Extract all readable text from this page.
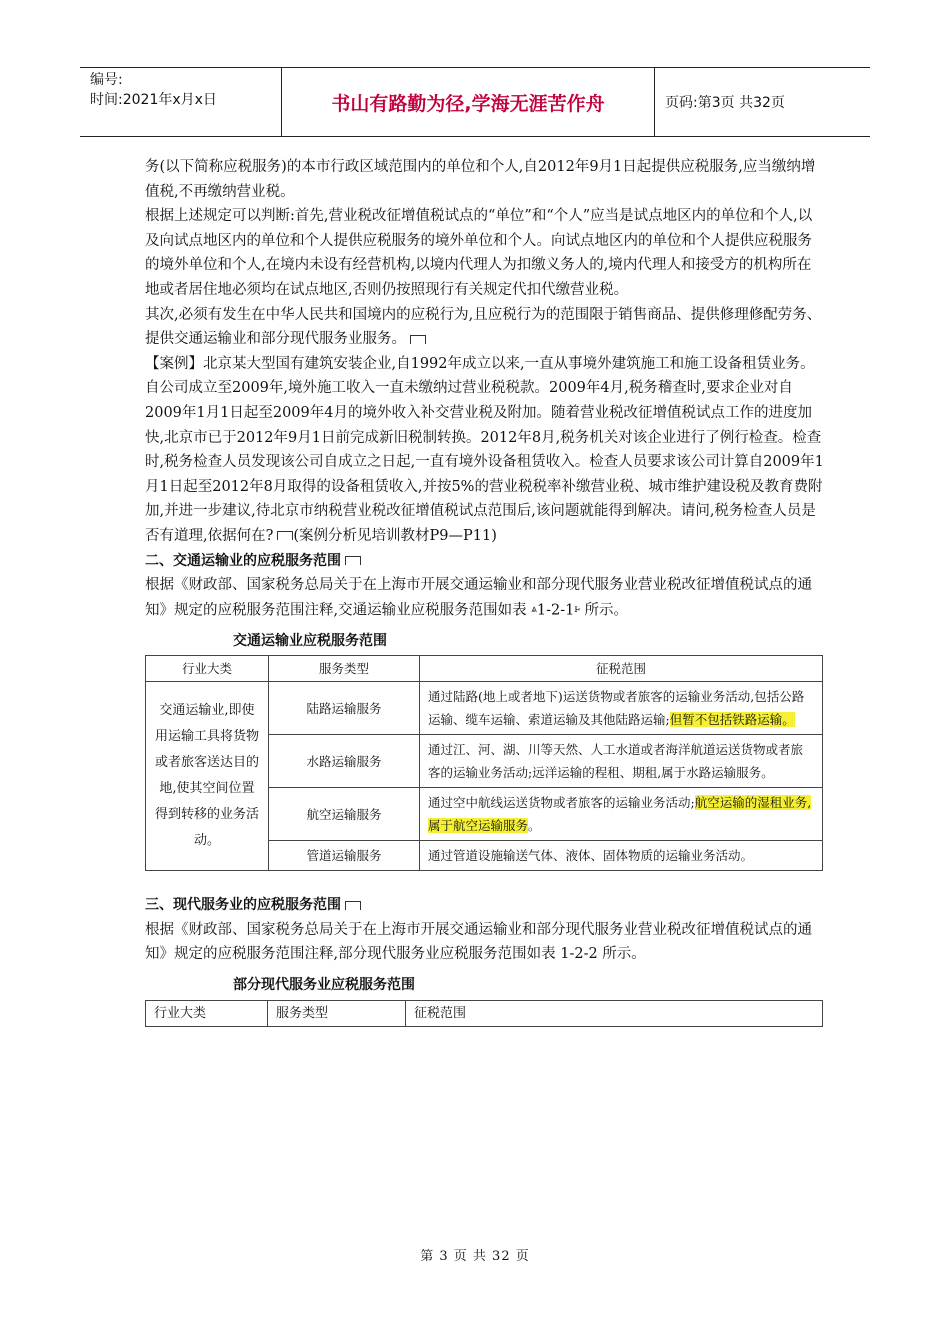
编号:
时间:2021年x月x日	书山有路勤为径,学海无涯苦作舟	页码:第3页 共32页

务(以下简称应税服务)的本市行政区域范围内的单位和个人,自2012年9月1日起提供应税服务,应当缴纳增值税,不再缴纳营业税。

根据上述规定可以判断:首先,营业税改征增值税试点的“单位”和“个人”应当是试点地区内的单位和个人,以及向试点地区内的单位和个人提供应税服务的境外单位和个人。向试点地区内的单位和个人提供应税服务的境外单位和个人,在境内未设有经营机构,以境内代理人为扣缴义务人的,境内代理人和接受方的机构所在地或者居住地必须均在试点地区,否则仍按照现行有关规定代扣代缴营业税。

其次,必须有发生在中华人民共和国境内的应税行为,且应税行为的范围限于销售商品、提供修理修配劳务、提供交通运输业和部分现代服务业服务。

【案例】北京某大型国有建筑安装企业,自1992年成立以来,一直从事境外建筑施工和施工设备租赁业务。自公司成立至2009年,境外施工收入一直未缴纳过营业税税款。2009年4月,税务稽查时,要求企业对自2009年1月1日起至2009年4月的境外收入补交营业税及附加。随着营业税改征增值税试点工作的进度加快,北京市已于2012年9月1日前完成新旧税制转换。2012年8月,税务机关对该企业进行了例行检查。检查时,税务检查人员发现该公司自成立之日起,一直有境外设备租赁收入。检查人员要求该公司计算自2009年1月1日起至2012年8月取得的设备租赁收入,并按5%的营业税税率补缴营业税、城市维护建设税及教育费附加,并进一步建议,待北京市纳税营业税改征增值税试点范围后,该问题就能得到解决。请问,税务检查人员是否有道理,依据何在? (案例分析见培训教材P9—P11)

二、交通运输业的应税服务范围

根据《财政部、国家税务总局关于在上海市开展交通运输业和部分现代服务业营业税改征增值税试点的通知》规定的应税服务范围注释,交通运输业应税服务范围如表 ⩓1-2-1ⱶ 所示。

交通运输业应税服务范围

行业大类	服务类型	征税范围
交通运输业,即使用运输工具将货物或者旅客送达目的地,使其空间位置得到转移的业务活动。	陆路运输服务	通过陆路(地上或者地下)运送货物或者旅客的运输业务活动,包括公路运输、缆车运输、索道运输及其他陆路运输;但暂不包括铁路运输。
	水路运输服务	通过江、河、湖、川等天然、人工水道或者海洋航道运送货物或者旅客的运输业务活动;远洋运输的程租、期租,属于水路运输服务。
	航空运输服务	通过空中航线运送货物或者旅客的运输业务活动;航空运输的湿租业务,属于航空运输服务。
	管道运输服务	通过管道设施输送气体、液体、固体物质的运输业务活动。

三、现代服务业的应税服务范围

根据《财政部、国家税务总局关于在上海市开展交通运输业和部分现代服务业营业税改征增值税试点的通知》规定的应税服务范围注释,部分现代服务业应税服务范围如表 1-2-2 所示。

部分现代服务业应税服务范围

行业大类	服务类型	征税范围
第 3 页 共 32 页
